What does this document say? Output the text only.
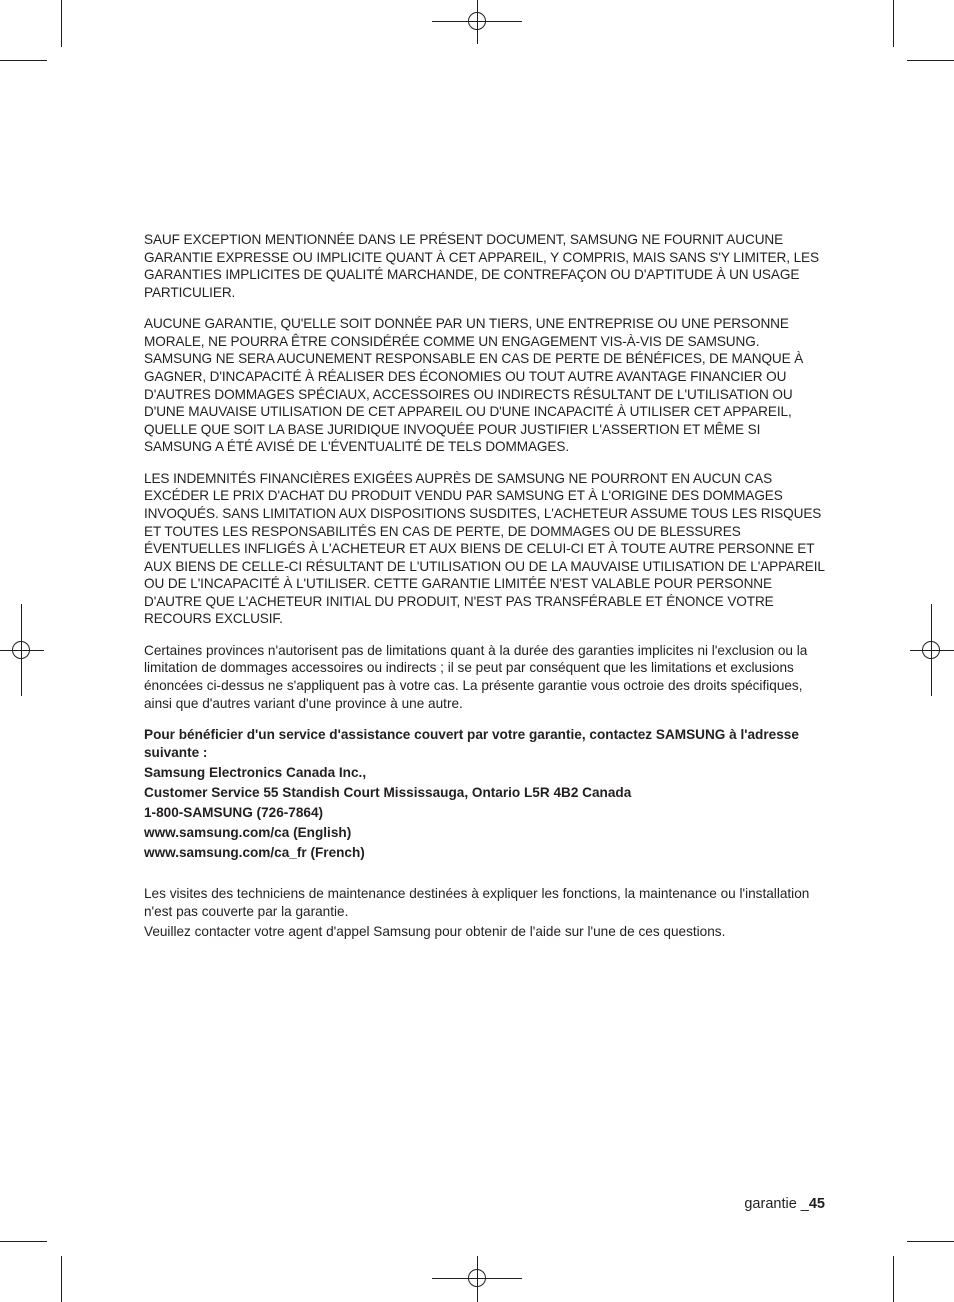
SAUF EXCEPTION MENTIONNÉE DANS LE PRÉSENT DOCUMENT, SAMSUNG NE FOURNIT AUCUNE GARANTIE EXPRESSE OU IMPLICITE QUANT À CET APPAREIL, Y COMPRIS, MAIS SANS S'Y LIMITER, LES GARANTIES IMPLICITES DE QUALITÉ MARCHANDE, DE CONTREFAÇON OU D'APTITUDE À UN USAGE PARTICULIER.

AUCUNE GARANTIE, QU'ELLE SOIT DONNÉE PAR UN TIERS, UNE ENTREPRISE OU UNE PERSONNE MORALE, NE POURRA ÊTRE CONSIDÉRÉE COMME UN ENGAGEMENT VIS-À-VIS DE SAMSUNG. SAMSUNG NE SERA AUCUNEMENT RESPONSABLE EN CAS DE PERTE DE BÉNÉFICES, DE MANQUE À GAGNER, D'INCAPACITÉ À RÉALISER DES ÉCONOMIES OU TOUT AUTRE AVANTAGE FINANCIER OU D'AUTRES DOMMAGES SPÉCIAUX, ACCESSOIRES OU INDIRECTS RÉSULTANT DE L'UTILISATION OU D'UNE MAUVAISE UTILISATION DE CET APPAREIL OU D'UNE INCAPACITÉ À UTILISER CET APPAREIL, QUELLE QUE SOIT LA BASE JURIDIQUE INVOQUÉE POUR JUSTIFIER L'ASSERTION ET MÊME SI SAMSUNG A ÉTÉ AVISÉ DE L'ÉVENTUALITÉ DE TELS DOMMAGES.

LES INDEMNITÉS FINANCIÈRES EXIGÉES AUPRÈS DE SAMSUNG NE POURRONT EN AUCUN CAS EXCÉDER LE PRIX D'ACHAT DU PRODUIT VENDU PAR SAMSUNG ET À L'ORIGINE DES DOMMAGES INVOQUÉS. SANS LIMITATION AUX DISPOSITIONS SUSDITES, L'ACHETEUR ASSUME TOUS LES RISQUES ET TOUTES LES RESPONSABILITÉS EN CAS DE PERTE, DE DOMMAGES OU DE BLESSURES ÉVENTUELLES INFLIGÉS À L'ACHETEUR ET AUX BIENS DE CELUI-CI ET À TOUTE AUTRE PERSONNE ET AUX BIENS DE CELLE-CI RÉSULTANT DE L'UTILISATION OU DE LA MAUVAISE UTILISATION DE L'APPAREIL OU DE L'INCAPACITÉ À L'UTILISER. CETTE GARANTIE LIMITÉE N'EST VALABLE POUR PERSONNE D'AUTRE QUE L'ACHETEUR INITIAL DU PRODUIT, N'EST PAS TRANSFÉRABLE ET ÉNONCE VOTRE RECOURS EXCLUSIF.

Certaines provinces n'autorisent pas de limitations quant à la durée des garanties implicites ni l'exclusion ou la limitation de dommages accessoires ou indirects ; il se peut par conséquent que les limitations et exclusions énoncées ci-dessus ne s'appliquent pas à votre cas. La présente garantie vous octroie des droits spécifiques, ainsi que d'autres variant d'une province à une autre.

Pour bénéficier d'un service d'assistance couvert par votre garantie, contactez SAMSUNG à l'adresse suivante :
Samsung Electronics Canada Inc.,
Customer Service 55 Standish Court Mississauga, Ontario L5R 4B2 Canada
1-800-SAMSUNG (726-7864)
www.samsung.com/ca (English)
www.samsung.com/ca_fr (French)
Les visites des techniciens de maintenance destinées à expliquer les fonctions, la maintenance ou l'installation n'est pas couverte par la garantie.
Veuillez contacter votre agent d'appel Samsung pour obtenir de l'aide sur l'une de ces questions.
garantie _45
